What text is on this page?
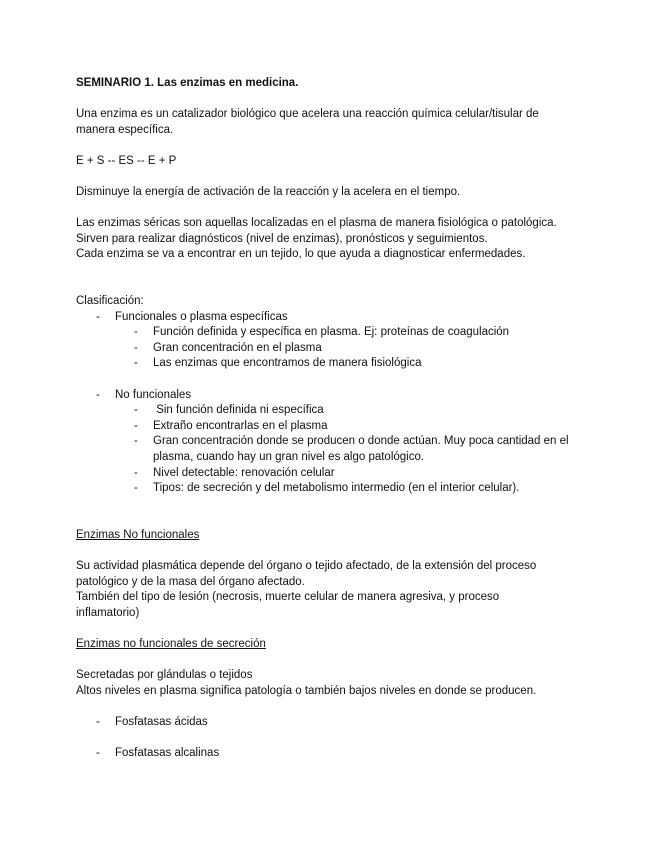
SEMINARIO 1. Las enzimas en medicina.

Una enzima es un catalizador biológico que acelera una reacción química celular/tisular de

manera específica.

E + S -- ES -- E + P
Disminuye la energía de activación de la reacción y la acelera en el tiempo.

Las enzimas séricas son aquellas localizadas en el plasma de manera fisiológica o patológica.

Sirven para realizar diagnósticos (nivel de enzimas), pronósticos y seguimientos.

Cada enzima se va a encontrar en un tejido, lo que ayuda a diagnosticar enfermedades.

Clasificación:

- Funcionales o plasma específicas
- Función definida y específica en plasma. Ej: proteínas de coagulación
- Gran concentración en el plasma
- Las enzimas que encontramos de manera fisiológica
- No funcionales
- Sin función definida ni específica
- Extraño encontrarlas en el plasma
- Gran concentración donde se producen o donde actúan. Muy poca cantidad en el plasma, cuando hay un gran nivel es algo patológico.
- Nivel detectable: renovación celular
- Tipos: de secreción y del metabolismo intermedio (en el interior celular).
Enzimas No funcionales

Su actividad plasmática depende del órgano o tejido afectado, de la extensión del proceso

patológico y de la masa del órgano afectado.

También del tipo de lesión (necrosis, muerte celular de manera agresiva, y proceso

inflamatorio)

Enzimas no funcionales de secreción

Secretadas por glándulas o tejidos

Altos niveles en plasma significa patología o también bajos niveles en donde se producen.

- Fosfatasas ácidas
- Fosfatasas alcalinas
